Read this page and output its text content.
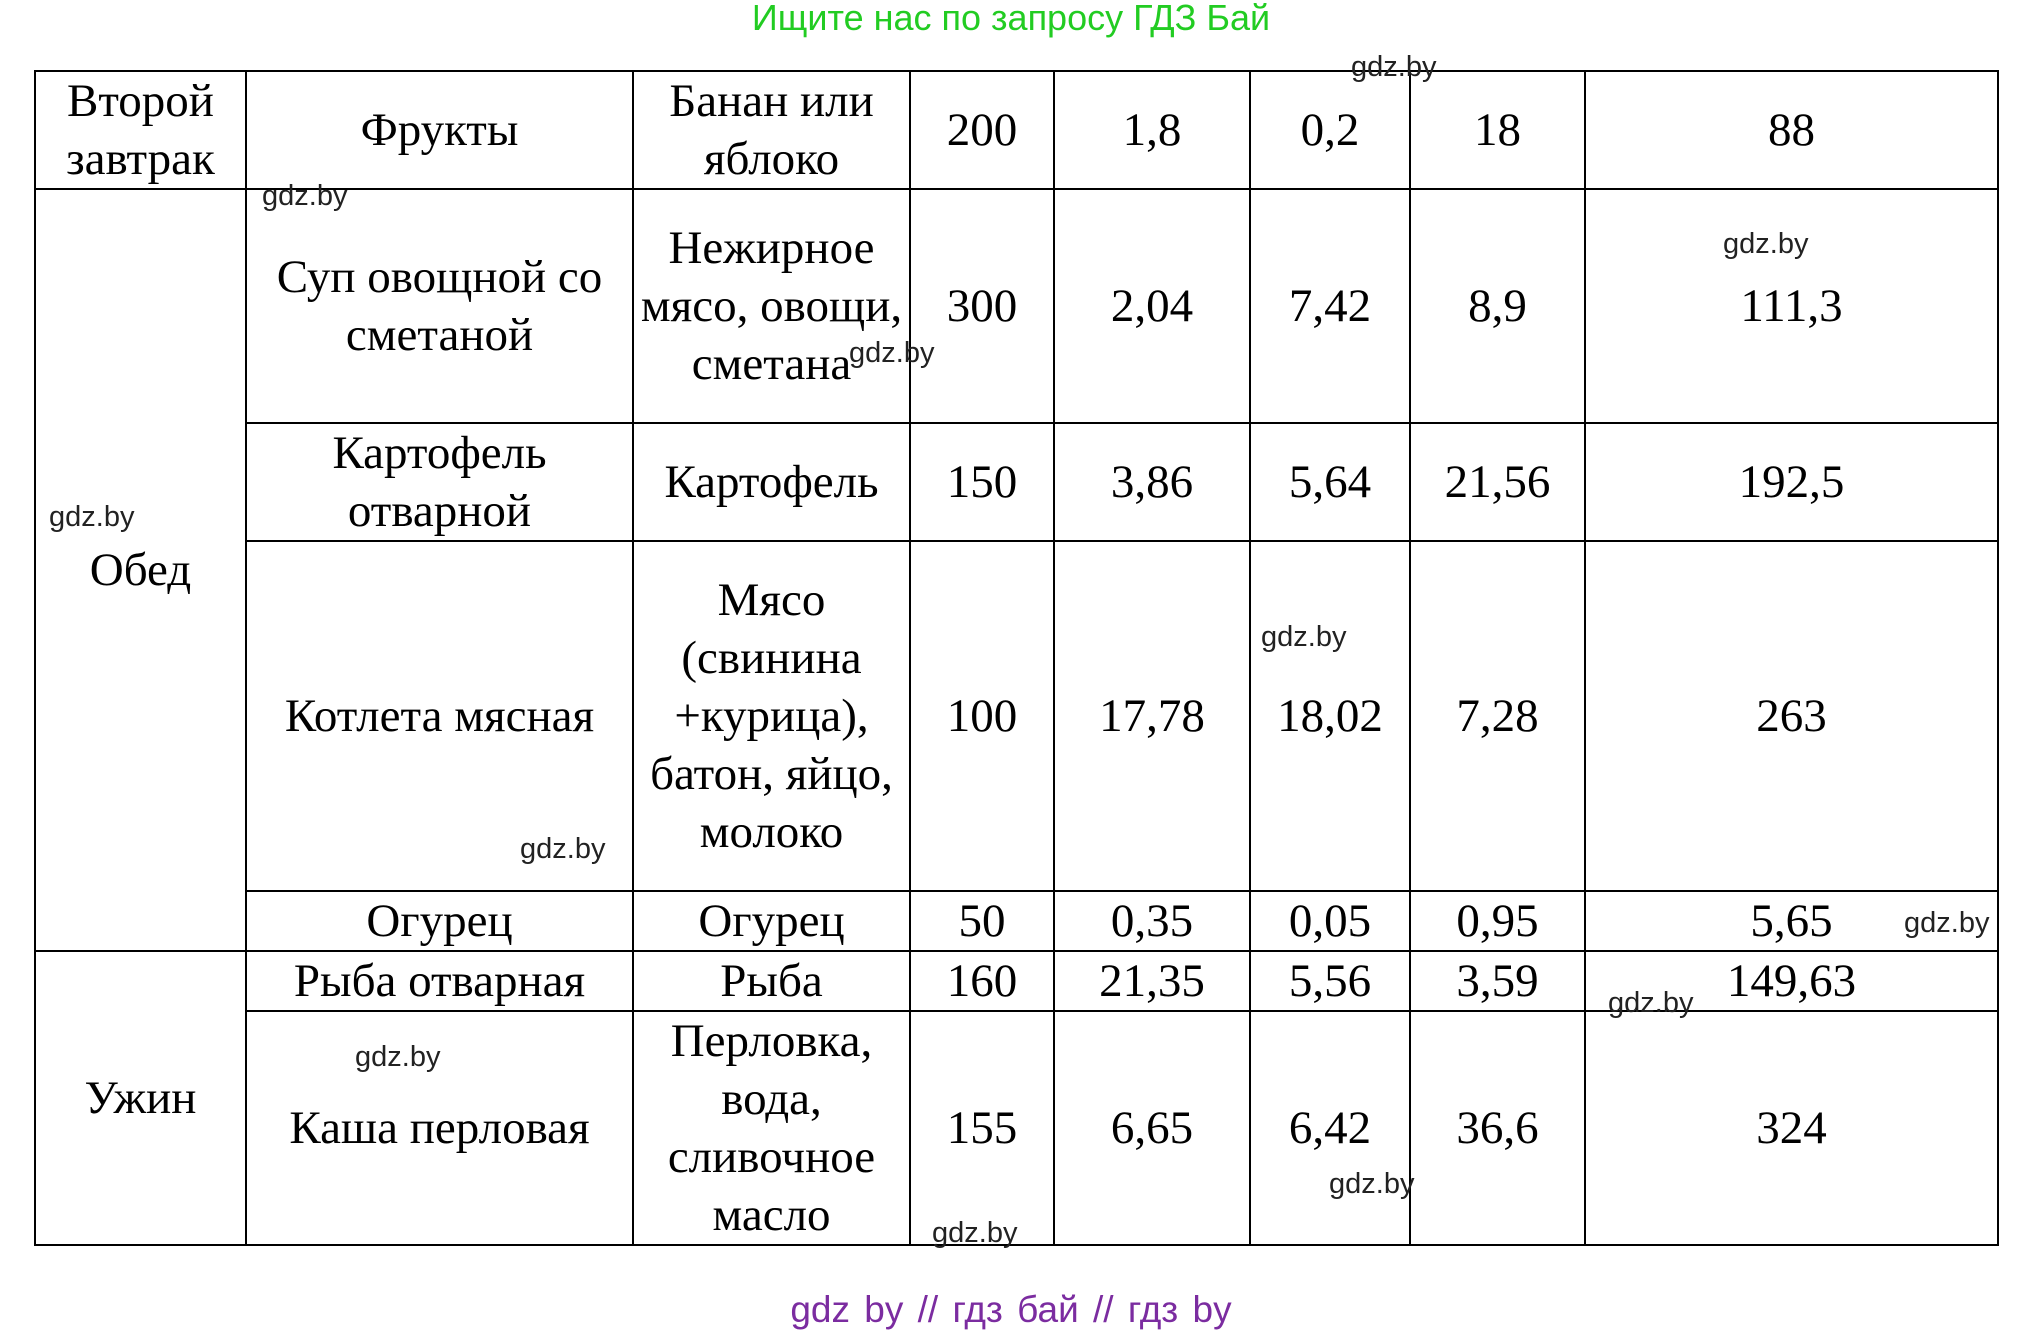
Ищите нас по запросу ГДЗ Бай
Второй завтрак	Фрукты	Банан или яблоко	200	1,8	0,2	18	88
Обед	Суп овощной со сметаной	Нежирное мясо, овощи, сметана	300	2,04	7,42	8,9	111,3
	Картофель отварной	Картофель	150	3,86	5,64	21,56	192,5
	Котлета мясная	Мясо (свинина +курица), батон, яйцо, молоко	100	17,78	18,02	7,28	263
	Огурец	Огурец	50	0,35	0,05	0,95	5,65
Ужин	Рыба отварная	Рыба	160	21,35	5,56	3,59	149,63
	Каша перловая	Перловка, вода, сливочное масло	155	6,65	6,42	36,6	324
gdz.by
gdz.by
gdz.by
gdz.by
gdz.by
gdz.by
gdz.by
gdz.by
gdz.by
gdz.by
gdz.by
gdz.by
gdz by // гдз бай // гдз by
